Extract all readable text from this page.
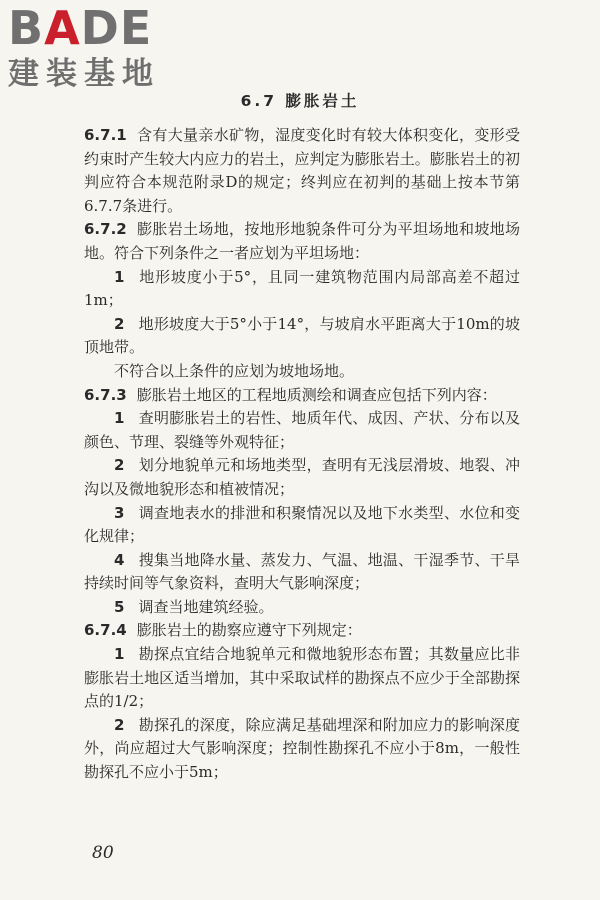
BADE
建装基地
6.7 膨胀岩土

6.7.1 含有大量亲水矿物，湿度变化时有较大体积变化，变形受约束时产生较大内应力的岩土，应判定为膨胀岩土。膨胀岩土的初判应符合本规范附录D的规定；终判应在初判的基础上按本节第6.7.7条进行。

6.7.2 膨胀岩土场地，按地形地貌条件可分为平坦场地和坡地场地。符合下列条件之一者应划为平坦场地：

1 地形坡度小于5°，且同一建筑物范围内局部高差不超过1m；

2 地形坡度大于5°小于14°，与坡肩水平距离大于10m的坡顶地带。

不符合以上条件的应划为坡地场地。

6.7.3 膨胀岩土地区的工程地质测绘和调查应包括下列内容：

1 查明膨胀岩土的岩性、地质年代、成因、产状、分布以及颜色、节理、裂缝等外观特征；

2 划分地貌单元和场地类型，查明有无浅层滑坡、地裂、冲沟以及微地貌形态和植被情况；

3 调查地表水的排泄和积聚情况以及地下水类型、水位和变化规律；

4 搜集当地降水量、蒸发力、气温、地温、干湿季节、干旱持续时间等气象资料，查明大气影响深度；

5 调查当地建筑经验。

6.7.4 膨胀岩土的勘察应遵守下列规定：

1 勘探点宜结合地貌单元和微地貌形态布置；其数量应比非膨胀岩土地区适当增加，其中采取试样的勘探点不应少于全部勘探点的1/2；

2 勘探孔的深度，除应满足基础埋深和附加应力的影响深度外，尚应超过大气影响深度；控制性勘探孔不应小于8m，一般性勘探孔不应小于5m；

80
